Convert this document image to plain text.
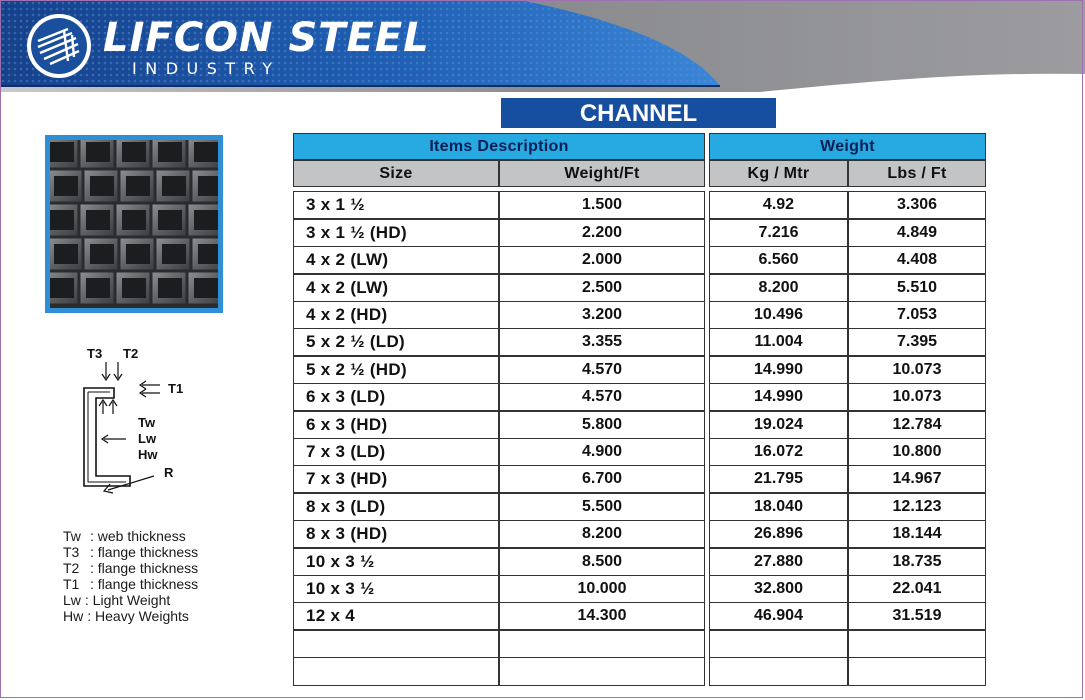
LIFCON STEEL
INDUSTRY
CHANNEL
T3 T2
T1
Tw
Lw
Hw
R
Tw : web thickness
T3 : flange thickness
T2 : flange thickness
T1 : flange thickness
Lw : Light Weight
Hw : Heavy Weights
Items Description	Weight
Size	Weight/Ft	Kg / Mtr	Lbs / Ft
3 x 1 ½	1.500	4.92	3.306
3 x 1 ½ (HD)	2.200	7.216	4.849
4 x 2 (LW)	2.000	6.560	4.408
4 x 2 (LW)	2.500	8.200	5.510
4 x 2 (HD)	3.200	10.496	7.053
5 x 2 ½ (LD)	3.355	11.004	7.395
5 x 2 ½ (HD)	4.570	14.990	10.073
6 x 3 (LD)	4.570	14.990	10.073
6 x 3 (HD)	5.800	19.024	12.784
7 x 3 (LD)	4.900	16.072	10.800
7 x 3 (HD)	6.700	21.795	14.967
8 x 3 (LD)	5.500	18.040	12.123
8 x 3 (HD)	8.200	26.896	18.144
10 x 3 ½	8.500	27.880	18.735
10 x 3 ½	10.000	32.800	22.041
12 x 4	14.300	46.904	31.519
